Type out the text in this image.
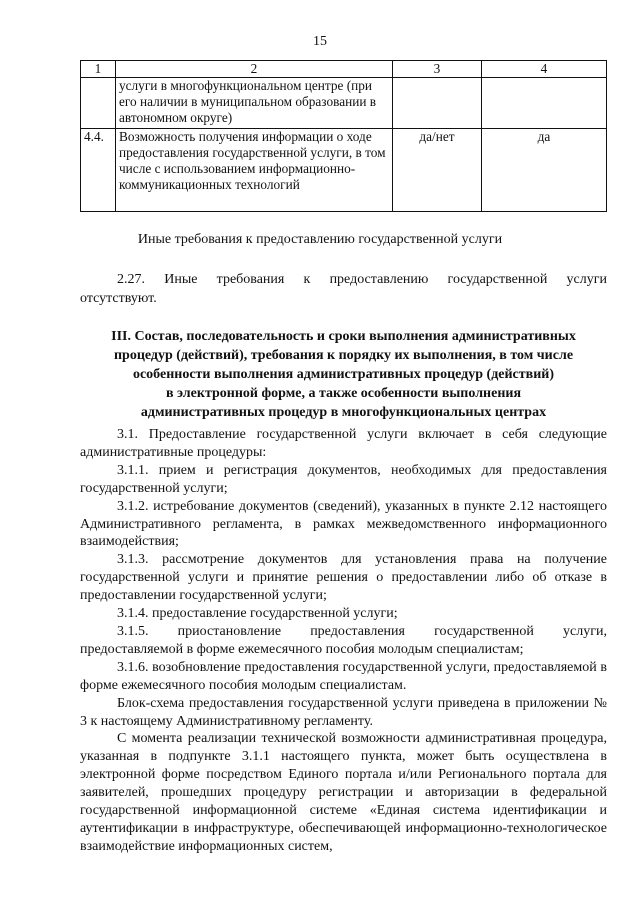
15
1	2	3	4
	услуги в многофункциональном центре (при его наличии в муниципальном образовании в автономном округе)		
4.4.	Возможность получения информации о ходе предоставления государственной услуги, в том числе с использованием информационно-коммуникационных технологий	да/нет	да
Иные требования к предоставлению государственной услуги
2.27. Иные требования к предоставлению государственной услуги
отсутствуют.
III. Состав, последовательность и сроки выполнения административных
процедур (действий), требования к порядку их выполнения, в том числе
особенности выполнения административных процедур (действий)
в электронной форме, а также особенности выполнения
административных процедур в многофункциональных центрах

3.1. Предоставление государственной услуги включает в себя следующие административные процедуры:

3.1.1. прием и регистрация документов, необходимых для предоставления государственной услуги;

3.1.2. истребование документов (сведений), указанных в пункте 2.12 настоящего Административного регламента, в рамках межведомственного информационного взаимодействия;

3.1.3. рассмотрение документов для установления права на получение государственной услуги и принятие решения о предоставлении либо об отказе в предоставлении государственной услуги;

3.1.4. предоставление государственной услуги;

3.1.5. приостановление предоставления государственной услуги, предоставляемой в форме ежемесячного пособия молодым специалистам;

3.1.6. возобновление предоставления государственной услуги, предоставляемой в форме ежемесячного пособия молодым специалистам.

Блок-схема предоставления государственной услуги приведена в приложении № 3 к настоящему Административному регламенту.

С момента реализации технической возможности административная процедура, указанная в подпункте 3.1.1 настоящего пункта, может быть осуществлена в электронной форме посредством Единого портала и/или Регионального портала для заявителей, прошедших процедуру регистрации и авторизации в федеральной государственной информационной системе «Единая система идентификации и аутентификации в инфраструктуре, обеспечивающей информационно-технологическое взаимодействие информационных систем,
